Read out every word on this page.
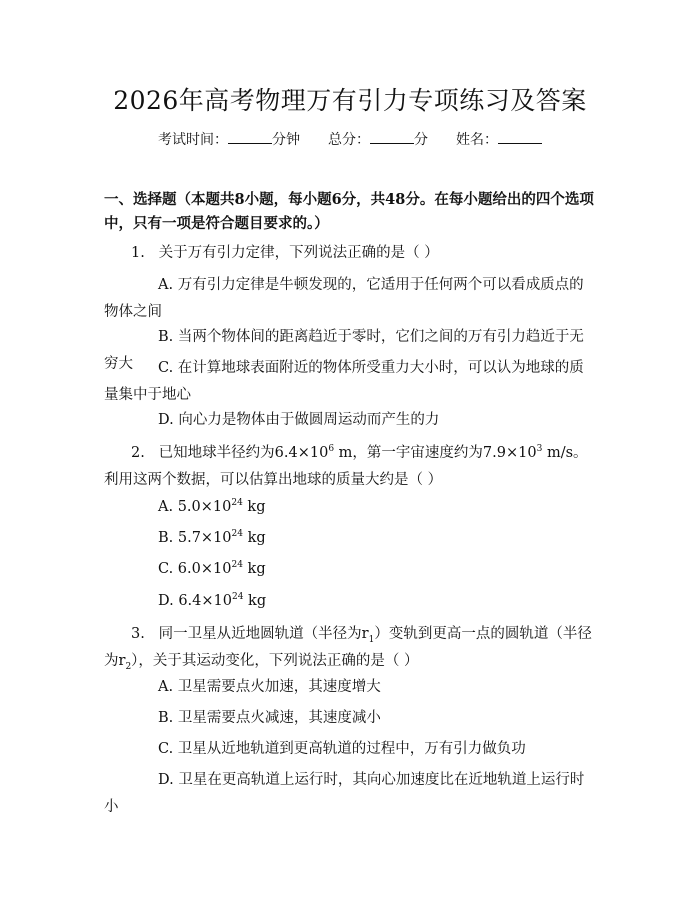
2026年高考物理万有引力专项练习及答案
考试时间：	分钟 总分：	分 姓名：
一、选择题（本题共8小题，每小题6分，共48分。在每小题给出的四个选项中，只有一项是符合题目要求的。）
1. 关于万有引力定律，下列说法正确的是（ ）
A. 万有引力定律是牛顿发现的，它适用于任何两个可以看成质点的物体之间
B. 当两个物体间的距离趋近于零时，它们之间的万有引力趋近于无穷大	C. 在计算地球表面附近的物体所受重力大小时，可以认为地球的质量集中于地心
D. 向心力是物体由于做圆周运动而产生的力
2. 已知地球半径约为$6.4\times 10^6$ m，第一宇宙速度约为$7.9\times 10^3$ m/s。利用这两个数据，可以估算出地球的质量大约是（ ）
A. $5.0\times 10^{24}$ kg
B. $5.7\times 10^{24}$ kg
C. $6.0\times 10^{24}$ kg
D. $6.4\times 10^{24}$ kg
3. 同一卫星从近地圆轨道（半径为$r_1$）变轨到更高一点的圆轨道（半径为$r_2$），关于其运动变化，下列说法正确的是（ ）
A. 卫星需要点火加速，其速度增大
B. 卫星需要点火减速，其速度减小
C. 卫星从近地轨道到更高轨道的过程中，万有引力做负功
D. 卫星在更高轨道上运行时，其向心加速度比在近地轨道上运行时小
